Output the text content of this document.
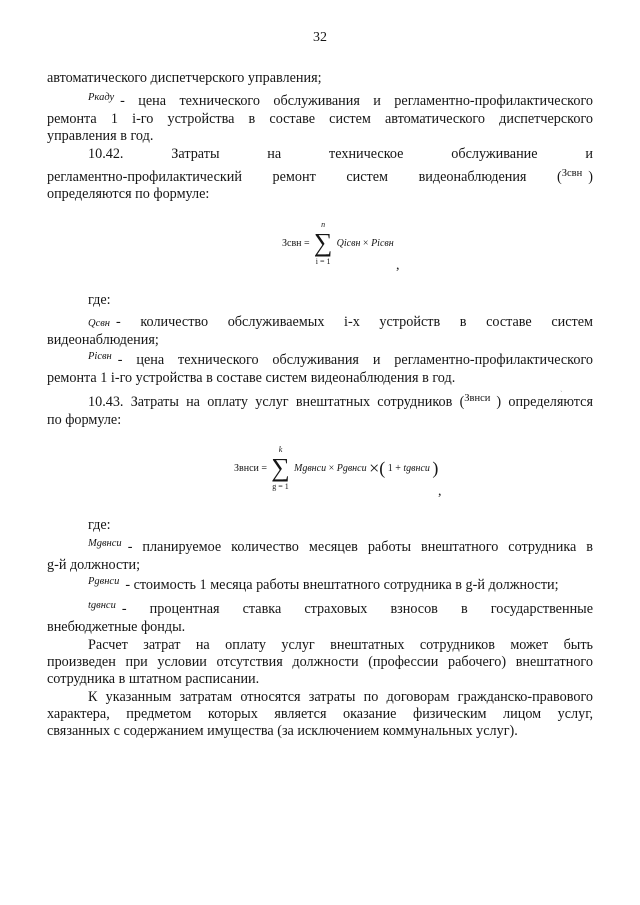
32
автоматического диспетчерского управления;
Pкаду - цена технического обслуживания и регламентно-профилактического
ремонта 1 i-го устройства в составе систем автоматического диспетчерского
управления в год.
10.42. Затраты на техническое обслуживание и
регламентно-профилактический ремонт систем видеонаблюдения (Зсвн )
определяются по формуле:
Зсвн =
n
∑
i = 1
Qiсвн × Piсвн
,
где:
Qсвн - количество обслуживаемых i-х устройств в составе систем
видеонаблюдения;
Piсвн - цена технического обслуживания и регламентно-профилактического
ремонта 1 i-го устройства в составе систем видеонаблюдения в год.
10.43. Затраты на оплату услуг внештатных сотрудников (Звнси ) определяются
по формуле:
Звнси =
k
∑
g = 1
Mgвнси × Pgвнси ×( 1 + tgвнси )
,
где:
Mgвнси - планируемое количество месяцев работы внештатного сотрудника в
g-й должности;
Pgвнси - стоимость 1 месяца работы внештатного сотрудника в g-й должности;
tgвнси - процентная ставка страховых взносов в государственные
внебюджетные фонды.
Расчет затрат на оплату услуг внештатных сотрудников может быть
произведен при условии отсутствия должности (профессии рабочего) внештатного
сотрудника в штатном расписании.
К указанным затратам относятся затраты по договорам гражданско-правового
характера, предметом которых является оказание физическим лицом услуг,
связанных с содержанием имущества (за исключением коммунальных услуг).
ˏ
